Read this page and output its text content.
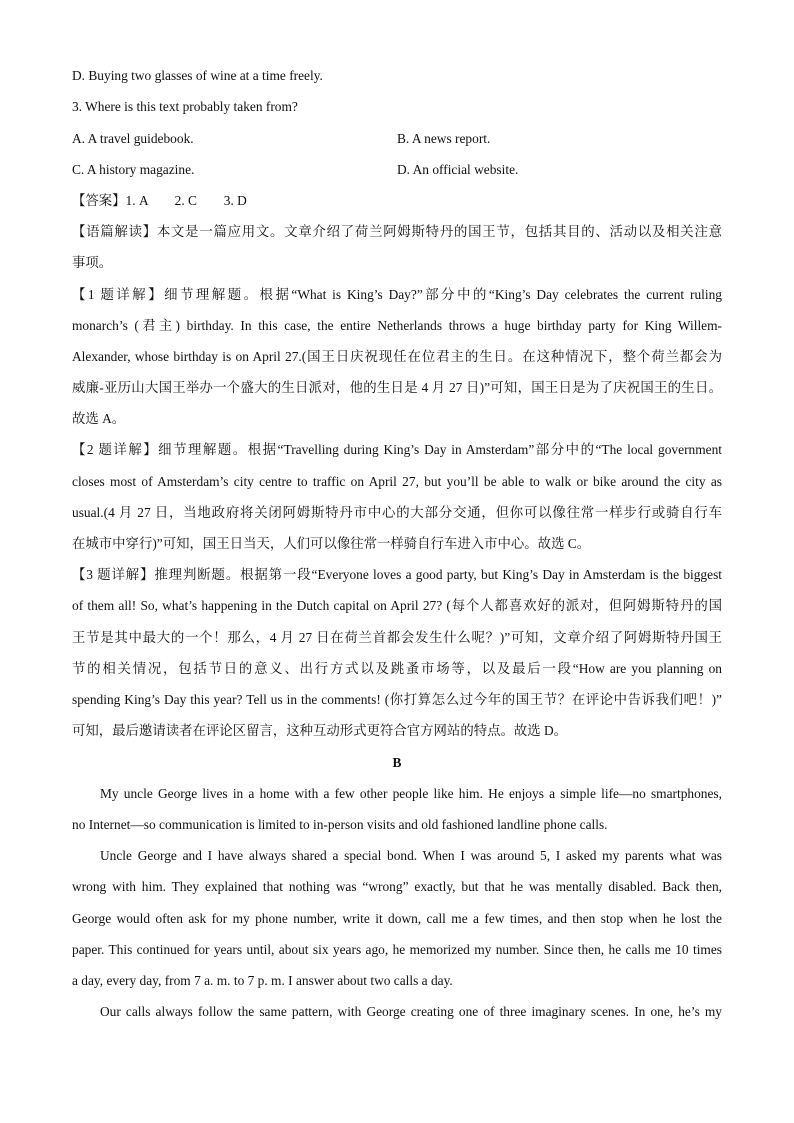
D. Buying two glasses of wine at a time freely.
3. Where is this text probably taken from?
A. A travel guidebook.	B. A news report.
C. A history magazine.	D. An official website.
【答案】1. A        2. C        3. D
【语篇解读】本文是一篇应用文。文章介绍了荷兰阿姆斯特丹的国王节，包括其目的、活动以及相关注意
事项。
【1 题详解】细节理解题。根据“What is King’s Day?”部分中的“King’s Day celebrates the current ruling
monarch’s (君主) birthday. In this case, the entire Netherlands throws a huge birthday party for King Willem-
Alexander, whose birthday is on April 27.(国王日庆祝现任在位君主的生日。在这种情况下，整个荷兰都会为
威廉-亚历山大国王举办一个盛大的生日派对，他的生日是 4 月 27 日)”可知，国王日是为了庆祝国王的生日。
故选 A。
【2 题详解】细节理解题。根据“Travelling during King’s Day in Amsterdam”部分中的“The local government
closes most of Amsterdam’s city centre to traffic on April 27, but you’ll be able to walk or bike around the city as
usual.(4 月 27 日，当地政府将关闭阿姆斯特丹市中心的大部分交通，但你可以像往常一样步行或骑自行车
在城市中穿行)”可知，国王日当天，人们可以像往常一样骑自行车进入市中心。故选 C。
【3 题详解】推理判断题。根据第一段“Everyone loves a good party, but King’s Day in Amsterdam is the biggest
of them all! So, what’s happening in the Dutch capital on April 27? (每个人都喜欢好的派对，但阿姆斯特丹的国
王节是其中最大的一个！那么，4 月 27 日在荷兰首都会发生什么呢？)”可知，文章介绍了阿姆斯特丹国王
节的相关情况，包括节日的意义、出行方式以及跳蚤市场等，以及最后一段“How are you planning on
spending King’s Day this year? Tell us in the comments! (你打算怎么过今年的国王节？在评论中告诉我们吧！)”
可知，最后邀请读者在评论区留言，这种互动形式更符合官方网站的特点。故选 D。
B
My uncle George lives in a home with a few other people like him. He enjoys a simple life—no smartphones,
no Internet—so communication is limited to in-person visits and old fashioned landline phone calls.
Uncle George and I have always shared a special bond. When I was around 5, I asked my parents what was
wrong with him. They explained that nothing was “wrong” exactly, but that he was mentally disabled. Back then,
George would often ask for my phone number, write it down, call me a few times, and then stop when he lost the
paper. This continued for years until, about six years ago, he memorized my number. Since then, he calls me 10 times
a day, every day, from 7 a. m. to 7 p. m. I answer about two calls a day.
Our calls always follow the same pattern, with George creating one of three imaginary scenes. In one, he’s my
